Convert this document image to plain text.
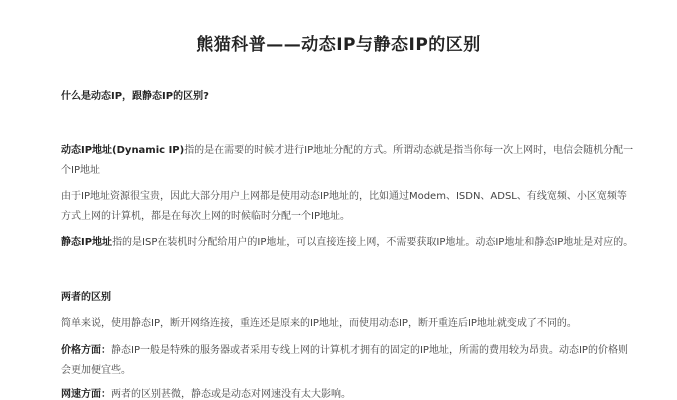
熊猫科普——动态IP与静态IP的区别
什么是动态IP，跟静态IP的区别?
动态IP地址(Dynamic IP)指的是在需要的时候才进行IP地址分配的方式。所谓动态就是指当你每一次上网时，电信会随机分配一个IP地址
由于IP地址资源很宝贵，因此大部分用户上网都是使用动态IP地址的，比如通过Modem、ISDN、ADSL、有线宽频、小区宽频等方式上网的计算机，都是在每次上网的时候临时分配一个IP地址。
静态IP地址指的是ISP在装机时分配给用户的IP地址，可以直接连接上网，不需要获取IP地址。动态IP地址和静态IP地址是对应的。
两者的区别
简单来说，使用静态IP，断开网络连接，重连还是原来的IP地址，而使用动态IP，断开重连后IP地址就变成了不同的。
价格方面：静态IP一般是特殊的服务器或者采用专线上网的计算机才拥有的固定的IP地址，所需的费用较为昂贵。动态IP的价格则会更加便宜些。
网速方面：两者的区别甚微，静态或是动态对网速没有太大影响。
